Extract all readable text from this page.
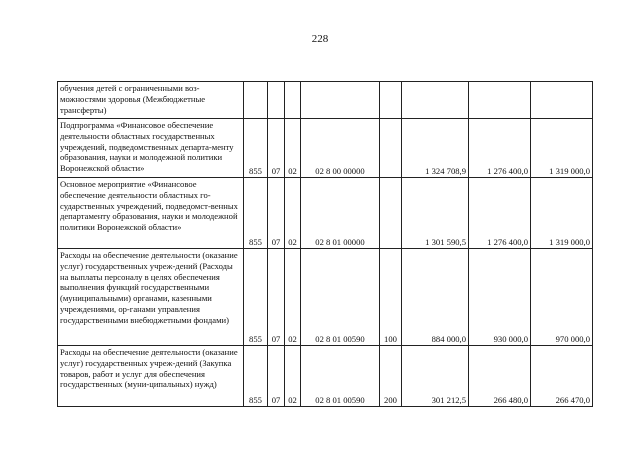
228
обучения детей с ограниченными воз-можностями здоровья (Межбюджетные трансферты)								
Подпрограмма «Финансовое обеспечение деятельности областных государственных учреждений, подведомственных департа-менту образования, науки и молодежной политики Воронежской области»	855	07	02	02 8 00 00000		1 324 708,9	1 276 400,0	1 319 000,0
Основное мероприятие «Финансовое обеспечение деятельности областных го-сударственных учреждений, подведомст-венных департаменту образования, науки и молодежной политики Воронежской области»	855	07	02	02 8 01 00000		1 301 590,5	1 276 400,0	1 319 000,0
Расходы на обеспечение деятельности (оказание услуг) государственных учреж-дений (Расходы на выплаты персоналу в целях обеспечения выполнения функций государственными (муниципальными) органами, казенными учреждениями, ор-ганами управления государственными внебюджетными фондами)	855	07	02	02 8 01 00590	100	884 000,0	930 000,0	970 000,0
Расходы на обеспечение деятельности (оказание услуг) государственных учреж-дений (Закупка товаров, работ и услуг для обеспечения государственных (муни-ципальных) нужд)	855	07	02	02 8 01 00590	200	301 212,5	266 480,0	266 470,0
